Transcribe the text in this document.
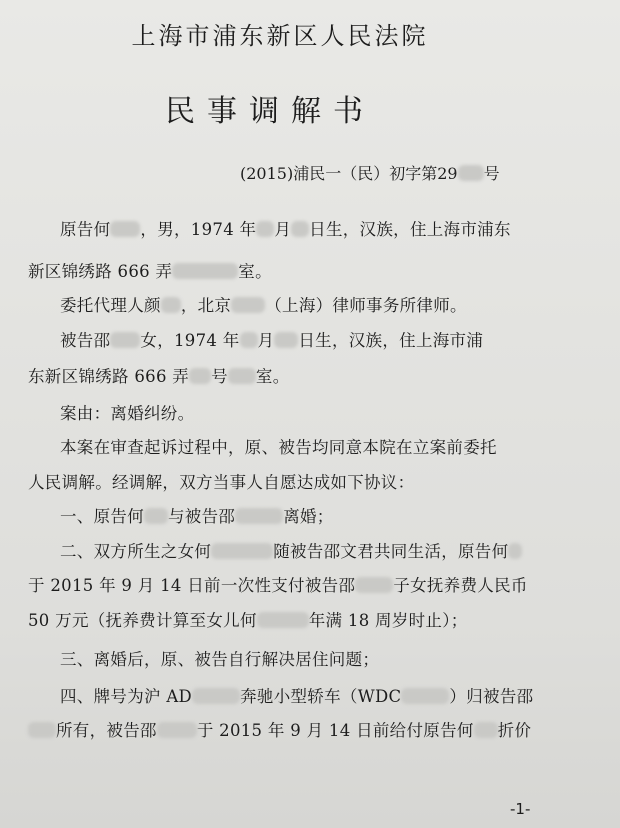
上海市浦东新区人民法院
民事调解书
(2015)浦民一（民）初字第29 号
原告何 ，男，1974 年 月 日生，汉族，住上海市浦东
新区锦绣路 666 弄	室。
委托代理人颜 ，北京 （上海）律师事务所律师。
被告邵 女，1974 年 月 日生，汉族，住上海市浦
东新区锦绣路 666 弄 号 室。
案由：离婚纠纷。
本案在审查起诉过程中，原、被告均同意本院在立案前委托
人民调解。经调解，双方当事人自愿达成如下协议：
一、原告何 与被告邵	离婚；
二、双方所生之女何	随被告邵文君共同生活，原告何
于 2015 年 9 月 14 日前一次性支付被告邵 子女抚养费人民币
50 万元（抚养费计算至女儿何	年满 18 周岁时止）；
三、离婚后，原、被告自行解决居住问题；
四、牌号为沪 AD	奔驰小型轿车（WDC	）归被告邵
所有，被告邵 于 2015 年 9 月 14 日前给付原告何 折价
-1-
